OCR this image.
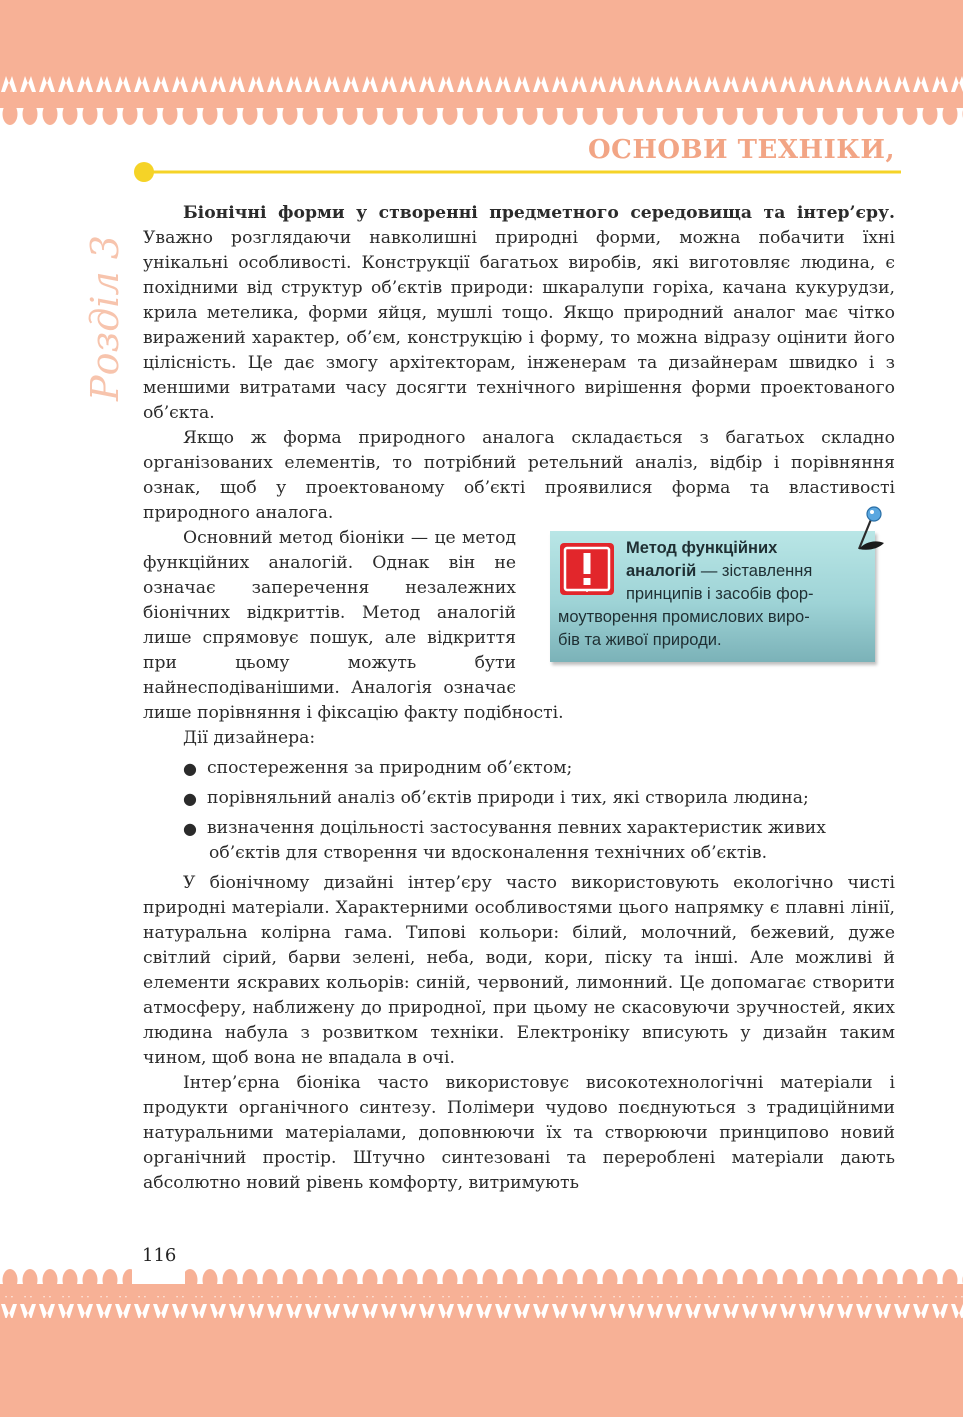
ОСНОВИ ТЕХНІКИ,
Розділ 3

Біонічні форми у створенні предметного середовища та інтер’єру. Уважно розглядаючи навколишні природні форми, можна побачити їхні унікальні особливості. Конструкції багатьох виробів, які виготовляє людина, є похідними від структур об’єктів природи: шкаралупи горіха, качана кукурудзи, крила метелика, форми яйця, мушлі тощо. Якщо природний аналог має чітко виражений характер, об’єм, конструкцію і форму, то можна відразу оцінити його цілісність. Це дає змогу архітекторам, інженерам та дизайнерам швидко і з меншими витратами часу досягти технічного вирішення форми проектованого об’єкта.

Якщо ж форма природного аналога складається з багатьох складно організованих елементів, то потрібний ретельний аналіз, відбір і порівняння ознак, щоб у проектованому об’єкті проявилися форма та властивості природного аналога.

Основний метод біоніки — це метод функційних аналогій. Однак він не означає заперечення незалежних біонічних відкриттів. Метод аналогій лише спрямовує пошук, але відкриття при цьому можуть бути найнесподіванішими. Аналогія означає лише порівняння і фіксацію факту подібності.

Дії дизайнера:

● спостереження за природним об’єктом;
● порівняльний аналіз об’єктів природи і тих, які створила людина;
● визначення доцільності застосування певних характеристик живих
об’єктів для створення чи вдосконалення технічних об’єктів.

У біонічному дизайні інтер’єру часто використовують екологічно чисті природні матеріали. Характерними особливостями цього напрямку є плавні лінії, натуральна колірна гама. Типові кольори: білий, молочний, бежевий, дуже світлий сірий, барви зелені, неба, води, кори, піску та інші. Але можливі й елементи яскравих кольорів: синій, червоний, лимонний. Це допомагає створити атмосферу, наближену до природної, при цьому не скасовуючи зручностей, яких людина набула з розвитком техніки. Електроніку вписують у дизайн таким чином, щоб вона не впадала в очі.

Інтер’єрна біоніка часто використовує високотехнологічні матеріали і продукти органічного синтезу. Полімери чудово поєднуються з традиційними натуральними матеріалами, доповнюючи їх та створюючи принципово новий органічний простір. Штучно синтезовані та перероблені матеріали дають абсолютно новий рівень комфорту, витримують

Метод функційних
аналогій — зіставлення
принципів і засобів фор-
моутворення промислових виро-
бів та живої природи.
116
